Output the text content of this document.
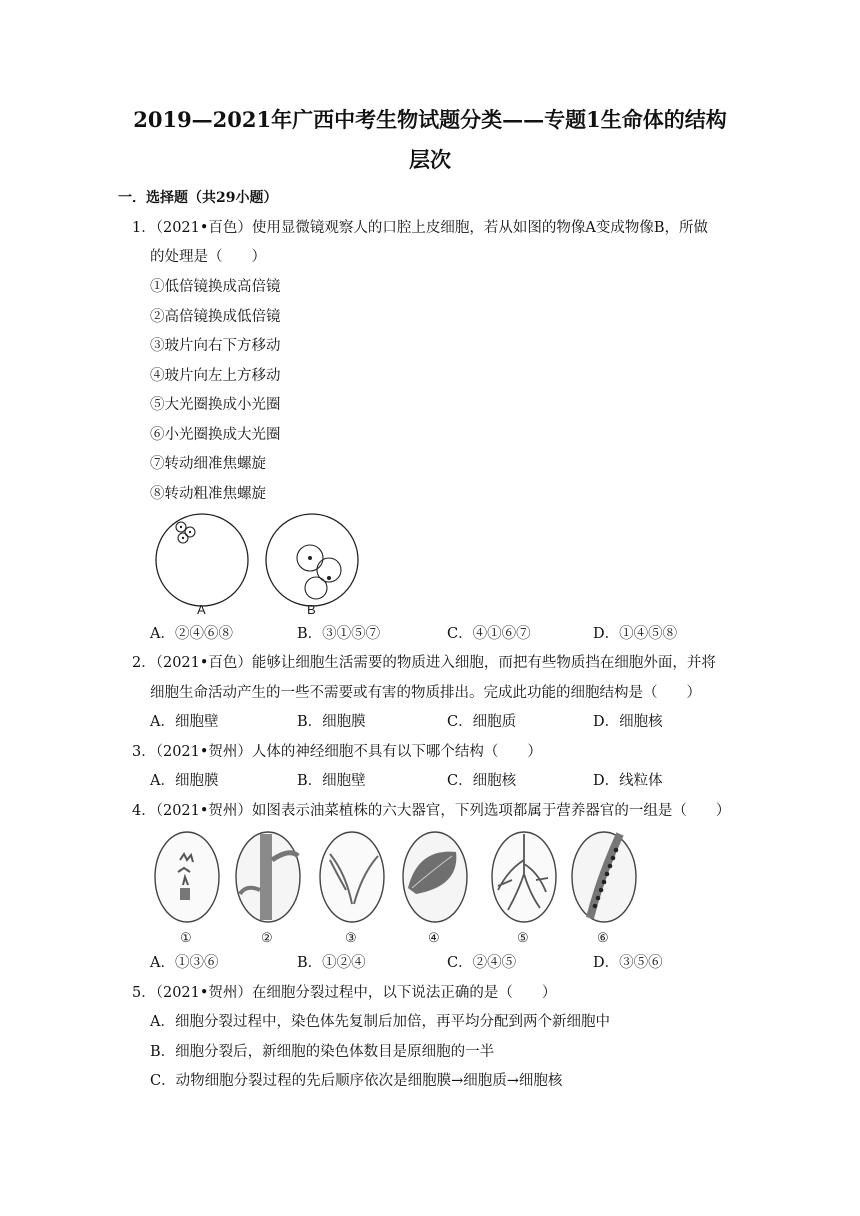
2019—2021年广西中考生物试题分类——专题1生命体的结构
层次
一．选择题（共29小题）
1．（2021•百色）使用显微镜观察人的口腔上皮细胞，若从如图的物像A变成物像B，所做
的处理是（　　）
①低倍镜换成高倍镜
②高倍镜换成低倍镜
③玻片向右下方移动
④玻片向左上方移动
⑤大光圈换成小光圈
⑥小光圈换成大光圈
⑦转动细准焦螺旋
⑧转动粗准焦螺旋
A	B
A．②④⑥⑧	B．③①⑤⑦	C．④①⑥⑦	D．①④⑤⑧
2．（2021•百色）能够让细胞生活需要的物质进入细胞，而把有些物质挡在细胞外面，并将
细胞生命活动产生的一些不需要或有害的物质排出。完成此功能的细胞结构是（　　）
A．细胞壁	B．细胞膜	C．细胞质	D．细胞核
3．（2021•贺州）人体的神经细胞不具有以下哪个结构（　　）
A．细胞膜	B．细胞壁	C．细胞核	D．线粒体
4．（2021•贺州）如图表示油菜植株的六大器官，下列选项都属于营养器官的一组是（　　）
①	②	③	④	⑤	⑥
A．①③⑥	B．①②④	C．②④⑤	D．③⑤⑥
5．（2021•贺州）在细胞分裂过程中，以下说法正确的是（　　）
A．细胞分裂过程中，染色体先复制后加倍，再平均分配到两个新细胞中
B．细胞分裂后，新细胞的染色体数目是原细胞的一半
C．动物细胞分裂过程的先后顺序依次是细胞膜→细胞质→细胞核
